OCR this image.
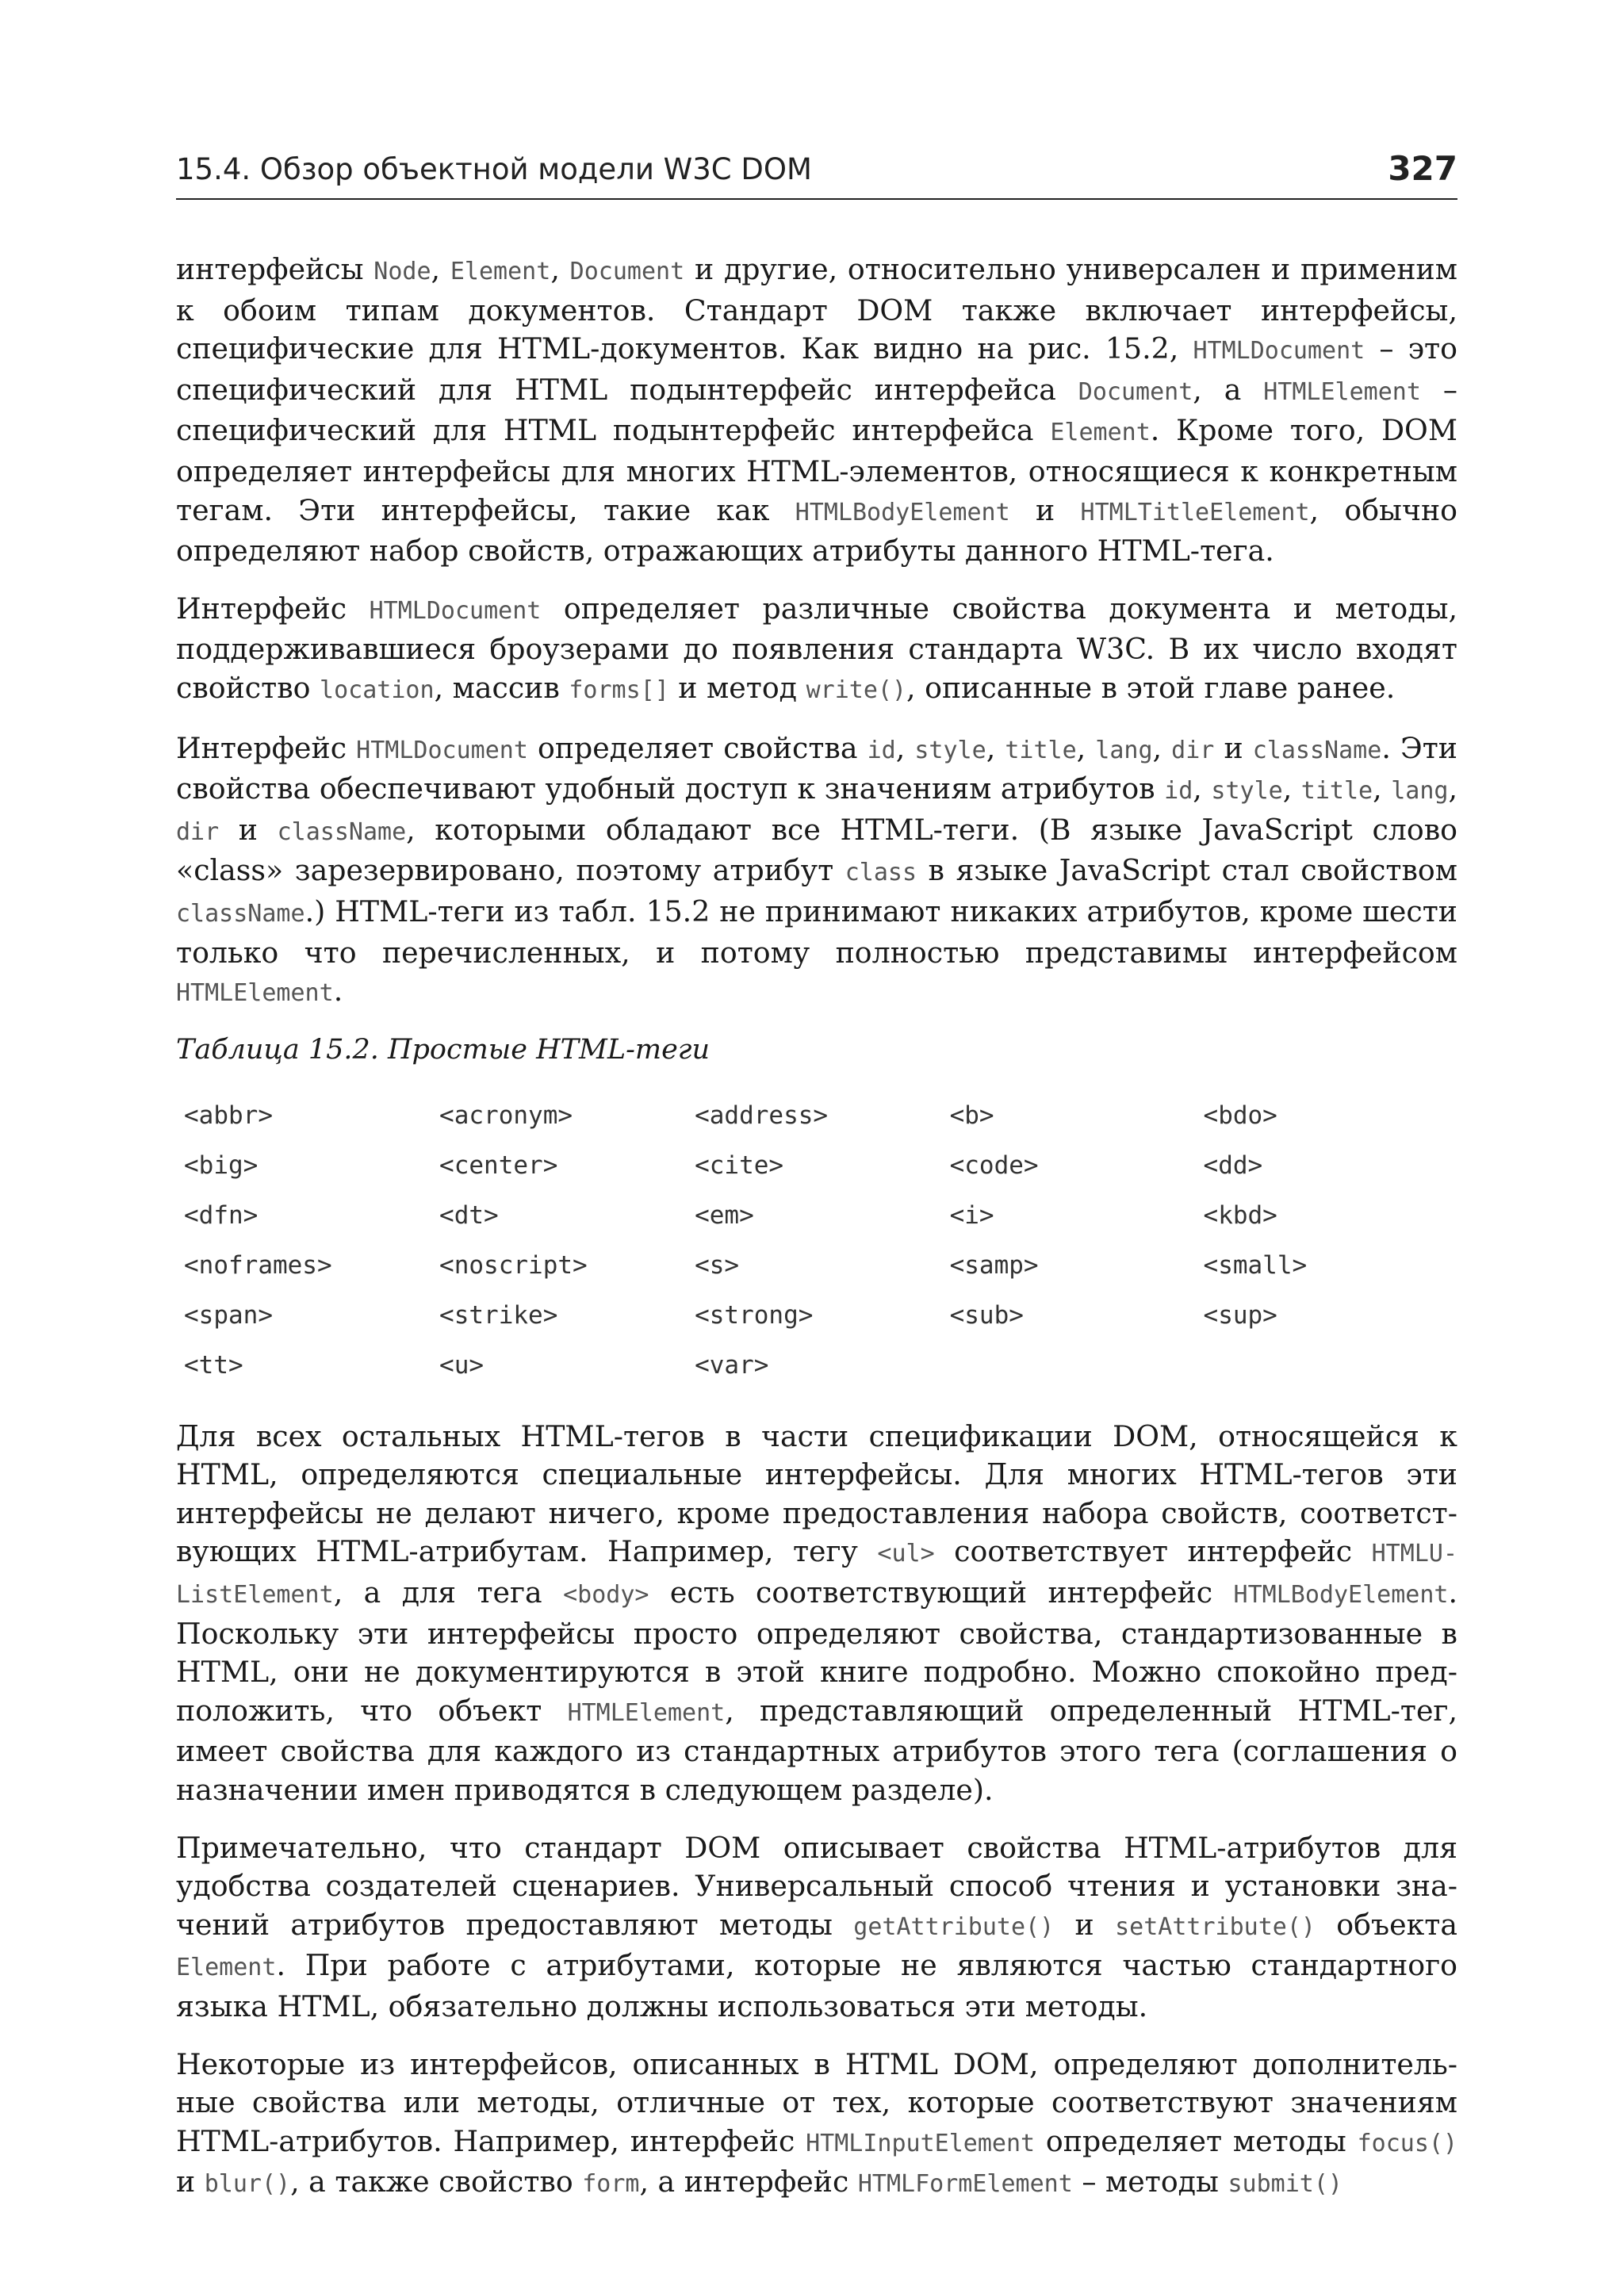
15.4. Обзор объектной модели W3C DOM	327

интерфейсы Node, Element, Document и другие, относительно универсален и применим к обоим типам документов. Стандарт DOM также включает интерфейсы, специфические для HTML-документов. Как видно на рис. 15.2, HTMLDocument – это специфический для HTML подынтерфейс интерфейса Document, а HTMLElement – специфический для HTML подынтерфейс интерфейса Element. Кроме того, DOM определяет интерфейсы для многих HTML-элементов, относящиеся к конкретным тегам. Эти интерфейсы, такие как HTMLBodyElement и HTMLTitleElement, обычно определяют набор свойств, отражающих атрибуты данного HTML-тега.

Интерфейс HTMLDocument определяет различные свойства документа и методы, поддерживавшиеся броузерами до появления стандарта W3C. В их число входят свойство location, массив forms[] и метод write(), описанные в этой главе ранее.

Интерфейс HTMLDocument определяет свойства id, style, title, lang, dir и className. Эти свойства обеспечивают удобный доступ к значениям атрибутов id, style, title, lang, dir и className, которыми обладают все HTML-теги. (В языке JavaScript слово «class» зарезервировано, поэтому атрибут class в языке JavaScript стал свойством className.) HTML-теги из табл. 15.2 не принимают никаких атрибутов, кроме шести только что перечисленных, и потому полностью представимы интерфейсом HTMLElement.

Таблица 15.2. Простые HTML-теги
<abbr>	<acronym>	<address>	<b>	<bdo>
<big>	<center>	<cite>	<code>	<dd>
<dfn>	<dt>	<em>	<i>	<kbd>
<noframes>	<noscript>	<s>	<samp>	<small>
<span>	<strike>	<strong>	<sub>	<sup>
<tt>	<u>	<var>		

Для всех остальных HTML-тегов в части спецификации DOM, относящейся к HTML, определяются специальные интерфейсы. Для многих HTML-тегов эти интерфейсы не делают ничего, кроме предоставления набора свойств, соответствующих HTML-атрибутам. Например, тегу <ul> соответствует интерфейс HTMLUListElement, а для тега <body> есть соответствующий интерфейс HTMLBodyElement. Поскольку эти интерфейсы просто определяют свойства, стандартизованные в HTML, они не документируются в этой книге подробно. Можно спокойно предположить, что объект HTMLElement, представляющий определенный HTML-тег, имеет свойства для каждого из стандартных атрибутов этого тега (соглашения о назначении имен приводятся в следующем разделе).

Примечательно, что стандарт DOM описывает свойства HTML-атрибутов для удобства создателей сценариев. Универсальный способ чтения и установки значений атрибутов предоставляют методы getAttribute() и setAttribute() объекта Element. При работе с атрибутами, которые не являются частью стандартного языка HTML, обязательно должны использоваться эти методы.

Некоторые из интерфейсов, описанных в HTML DOM, определяют дополнительные свойства или методы, отличные от тех, которые соответствуют значениям HTML-атрибутов. Например, интерфейс HTMLInputElement определяет методы focus() и blur(), а также свойство form, а интерфейс HTMLFormElement – методы submit()
